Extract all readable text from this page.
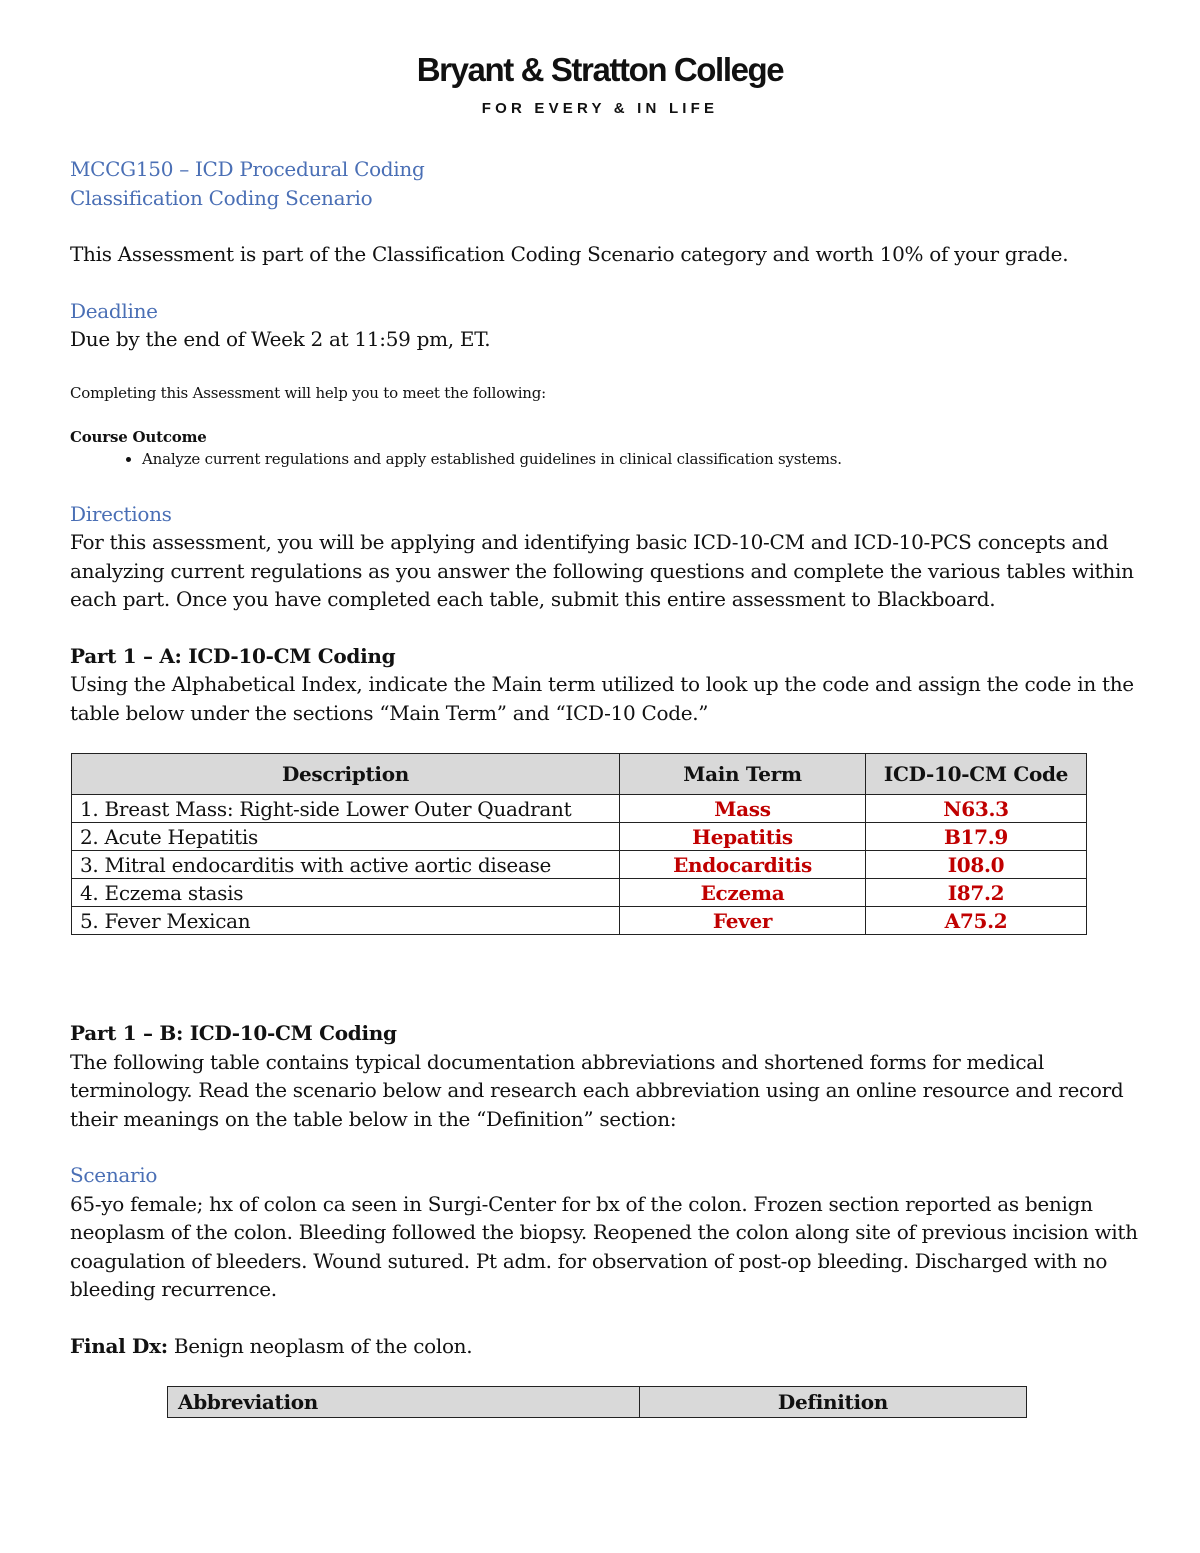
Bryant & Stratton College
FOR EVERY & IN LIFE

MCCG150 – ICD Procedural Coding

Classification Coding Scenario

This Assessment is part of the Classification Coding Scenario category and worth 10% of your grade.

Deadline

Due by the end of Week 2 at 11:59 pm, ET.

Completing this Assessment will help you to meet the following:

Course Outcome

• Analyze current regulations and apply established guidelines in clinical classification systems.

Directions

For this assessment, you will be applying and identifying basic ICD-10-CM and ICD-10-PCS concepts and analyzing current regulations as you answer the following questions and complete the various tables within each part. Once you have completed each table, submit this entire assessment to Blackboard.

Part 1 – A: ICD-10-CM Coding

Using the Alphabetical Index, indicate the Main term utilized to look up the code and assign the code in the table below under the sections “Main Term” and “ICD-10 Code.”

Description	Main Term	ICD-10-CM Code
1. Breast Mass: Right-side Lower Outer Quadrant	Mass	N63.3
2. Acute Hepatitis	Hepatitis	B17.9
3. Mitral endocarditis with active aortic disease	Endocarditis	I08.0
4. Eczema stasis	Eczema	I87.2
5. Fever Mexican	Fever	A75.2

Part 1 – B: ICD-10-CM Coding

The following table contains typical documentation abbreviations and shortened forms for medical terminology. Read the scenario below and research each abbreviation using an online resource and record their meanings on the table below in the “Definition” section:

Scenario

65-yo female; hx of colon ca seen in Surgi-Center for bx of the colon. Frozen section reported as benign neoplasm of the colon. Bleeding followed the biopsy. Reopened the colon along site of previous incision with coagulation of bleeders. Wound sutured. Pt adm. for observation of post-op bleeding. Discharged with no bleeding recurrence.

Final Dx: Benign neoplasm of the colon.

Abbreviation	Definition
